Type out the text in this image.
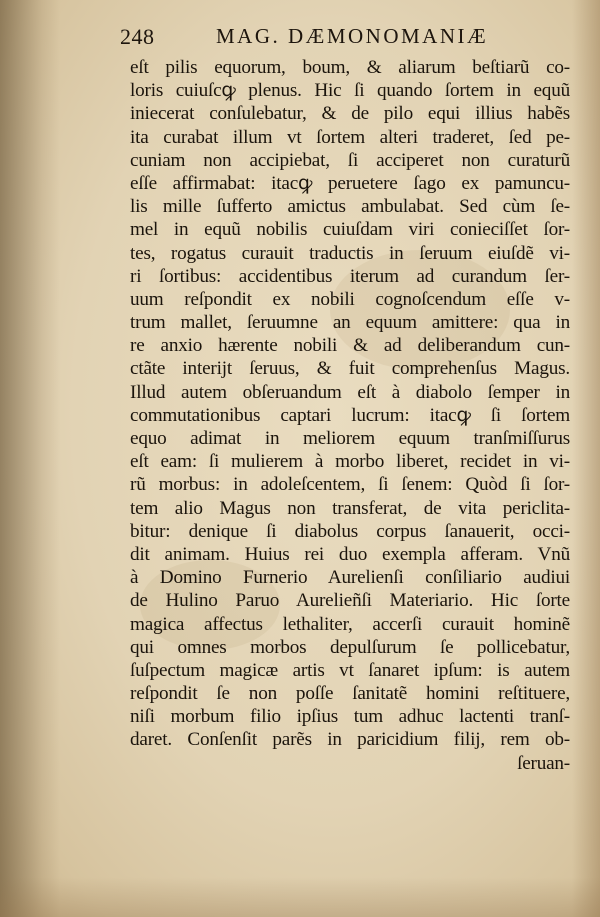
248	MAG. DÆMONOMANIÆ
eſt pilis equorum, boum, & aliarum beſtiarũ co-
loris cuiuſcꝙ plenus. Hic ſi quando ſortem in equũ
iniecerat conſulebatur, & de pilo equi illius habẽs
ita curabat illum vt ſortem alteri traderet, ſed pe-
cuniam non accipiebat, ſi acciperet non curaturũ
eſſe affirmabat: itacꝙ peruetere ſago ex pamuncu-
lis mille ſufferto amictus ambulabat. Sed cùm ſe-
mel in equũ nobilis cuiuſdam viri conieciſſet ſor-
tes, rogatus curauit traductis in ſeruum eiuſdẽ vi-
ri ſortibus: accidentibus iterum ad curandum ſer-
uum reſpondit ex nobili cognoſcendum eſſe v-
trum mallet, ſeruumne an equum amittere: qua in
re anxio hærente nobili & ad deliberandum cun-
ctãte interijt ſeruus, & fuit comprehenſus Magus.
Illud autem obſeruandum eſt à diabolo ſemper in
commutationibus captari lucrum: itacꝙ ſi ſortem
equo adimat in meliorem equum tranſmiſſurus
eſt eam: ſi mulierem à morbo liberet, recidet in vi-
rũ morbus: in adoleſcentem, ſi ſenem: Quòd ſi ſor-
tem alio Magus non transferat, de vita periclita-
bitur: denique ſi diabolus corpus ſanauerit, occi-
dit animam. Huius rei duo exempla afferam. Vnũ
à Domino Furnerio Aurelienſi conſiliario audiui
de Hulino Paruo Aurelieñſi Materiario. Hic ſorte
magica affectus lethaliter, accerſi curauit hominẽ
qui omnes morbos depulſurum ſe pollicebatur,
ſuſpectum magicæ artis vt ſanaret ipſum: is autem
reſpondit ſe non poſſe ſanitatẽ homini reſtituere,
niſi morbum filio ipſius tum adhuc lactenti tranſ-
daret. Conſenſit parẽs in paricidium filij, rem ob-
ſeruan-
